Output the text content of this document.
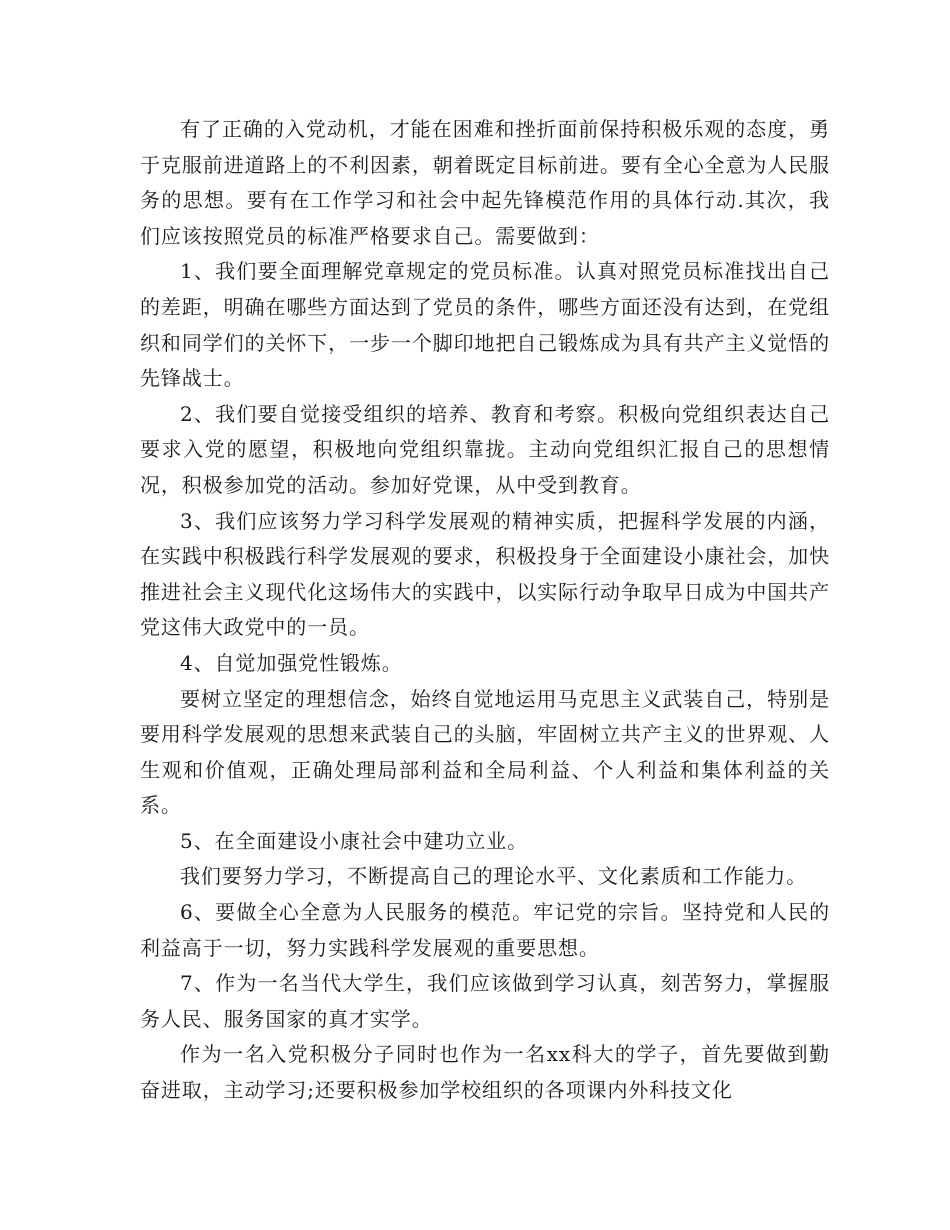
有了正确的入党动机，才能在困难和挫折面前保持积极乐观的态度，勇于克服前进道路上的不利因素，朝着既定目标前进。要有全心全意为人民服务的思想。要有在工作学习和社会中起先锋模范作用的具体行动.其次，我们应该按照党员的标准严格要求自己。需要做到：

1、我们要全面理解党章规定的党员标准。认真对照党员标准找出自己的差距，明确在哪些方面达到了党员的条件，哪些方面还没有达到，在党组织和同学们的关怀下，一步一个脚印地把自己锻炼成为具有共产主义觉悟的先锋战士。

2、我们要自觉接受组织的培养、教育和考察。积极向党组织表达自己要求入党的愿望，积极地向党组织靠拢。主动向党组织汇报自己的思想情况，积极参加党的活动。参加好党课，从中受到教育。

3、我们应该努力学习科学发展观的精神实质，把握科学发展的内涵，在实践中积极践行科学发展观的要求，积极投身于全面建设小康社会，加快推进社会主义现代化这场伟大的实践中，以实际行动争取早日成为中国共产党这伟大政党中的一员。

4、自觉加强党性锻炼。

要树立坚定的理想信念，始终自觉地运用马克思主义武装自己，特别是要用科学发展观的思想来武装自己的头脑，牢固树立共产主义的世界观、人生观和价值观，正确处理局部利益和全局利益、个人利益和集体利益的关系。

5、在全面建设小康社会中建功立业。

我们要努力学习，不断提高自己的理论水平、文化素质和工作能力。

6、要做全心全意为人民服务的模范。牢记党的宗旨。坚持党和人民的利益高于一切，努力实践科学发展观的重要思想。

7、作为一名当代大学生，我们应该做到学习认真，刻苦努力，掌握服务人民、服务国家的真才实学。

作为一名入党积极分子同时也作为一名xx科大的学子，首先要做到勤奋进取，主动学习;还要积极参加学校组织的各项课内外科技文化
